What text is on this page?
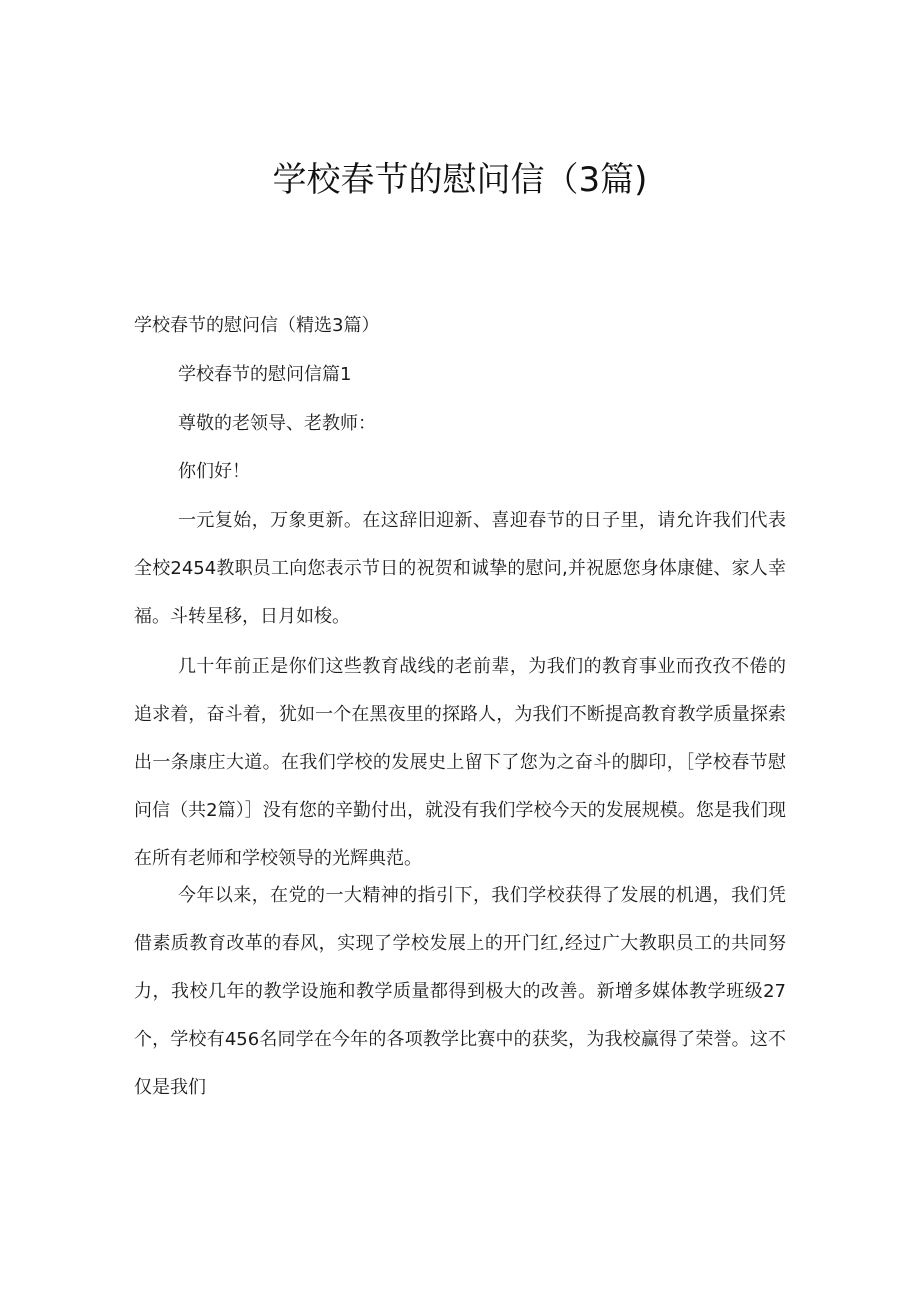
学校春节的慰问信（3篇)

学校春节的慰问信（精选3篇）

学校春节的慰问信篇1

尊敬的老领导、老教师：

你们好！

一元复始，万象更新。在这辞旧迎新、喜迎春节的日子里，请允许我们代表全校2454教职员工向您表示节日的祝贺和诚挚的慰问,并祝愿您身体康健、家人幸福。斗转星移，日月如梭。

几十年前正是你们这些教育战线的老前辈，为我们的教育事业而孜孜不倦的追求着，奋斗着，犹如一个在黑夜里的探路人，为我们不断提高教育教学质量探索出一条康庄大道。在我们学校的发展史上留下了您为之奋斗的脚印，［学校春节慰问信（共2篇）］没有您的辛勤付出，就没有我们学校今天的发展规模。您是我们现在所有老师和学校领导的光辉典范。

今年以来，在党的一大精神的指引下，我们学校获得了发展的机遇，我们凭借素质教育改革的春风，实现了学校发展上的开门红,经过广大教职员工的共同努力，我校几年的教学设施和教学质量都得到极大的改善。新增多媒体教学班级27个，学校有456名同学在今年的各项教学比赛中的获奖，为我校赢得了荣誉。这不仅是我们
